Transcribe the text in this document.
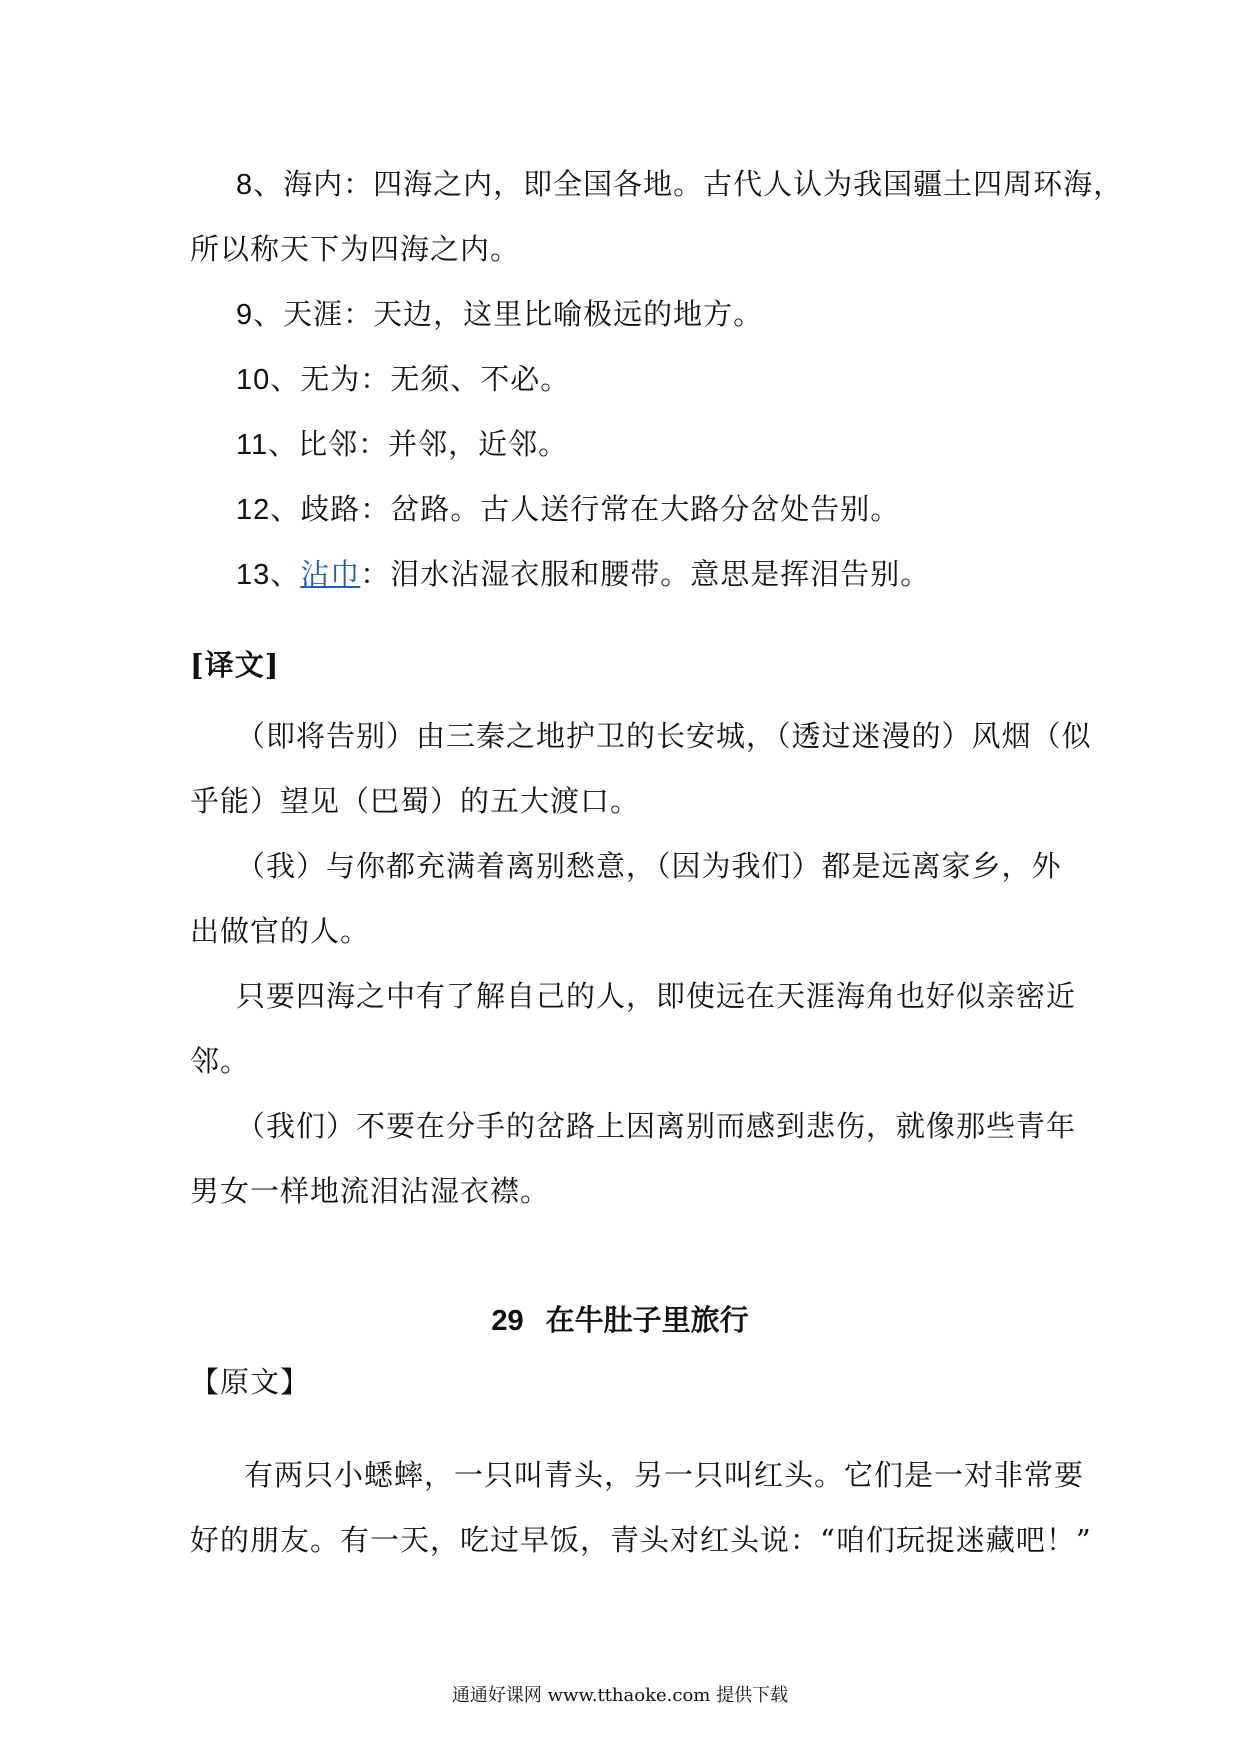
8、海内：四海之内，即全国各地。古代人认为我国疆土四周环海，
所以称天下为四海之内。
9、天涯：天边，这里比喻极远的地方。
10、无为：无须、不必。
11、比邻：并邻，近邻。
12、歧路：岔路。古人送行常在大路分岔处告别。
13、沾巾：泪水沾湿衣服和腰带。意思是挥泪告别。
[译文]
（即将告别）由三秦之地护卫的长安城，（透过迷漫的）风烟（似
乎能）望见（巴蜀）的五大渡口。
（我）与你都充满着离别愁意，（因为我们）都是远离家乡，外
出做官的人。
只要四海之中有了解自己的人，即使远在天涯海角也好似亲密近
邻。
（我们）不要在分手的岔路上因离别而感到悲伤，就像那些青年
男女一样地流泪沾湿衣襟。
29 在牛肚子里旅行
【原文】
有两只小蟋蟀，一只叫青头，另一只叫红头。它们是一对非常要
好的朋友。有一天，吃过早饭，青头对红头说：“咱们玩捉迷藏吧！”
通通好课网 www.tthaoke.com 提供下载
